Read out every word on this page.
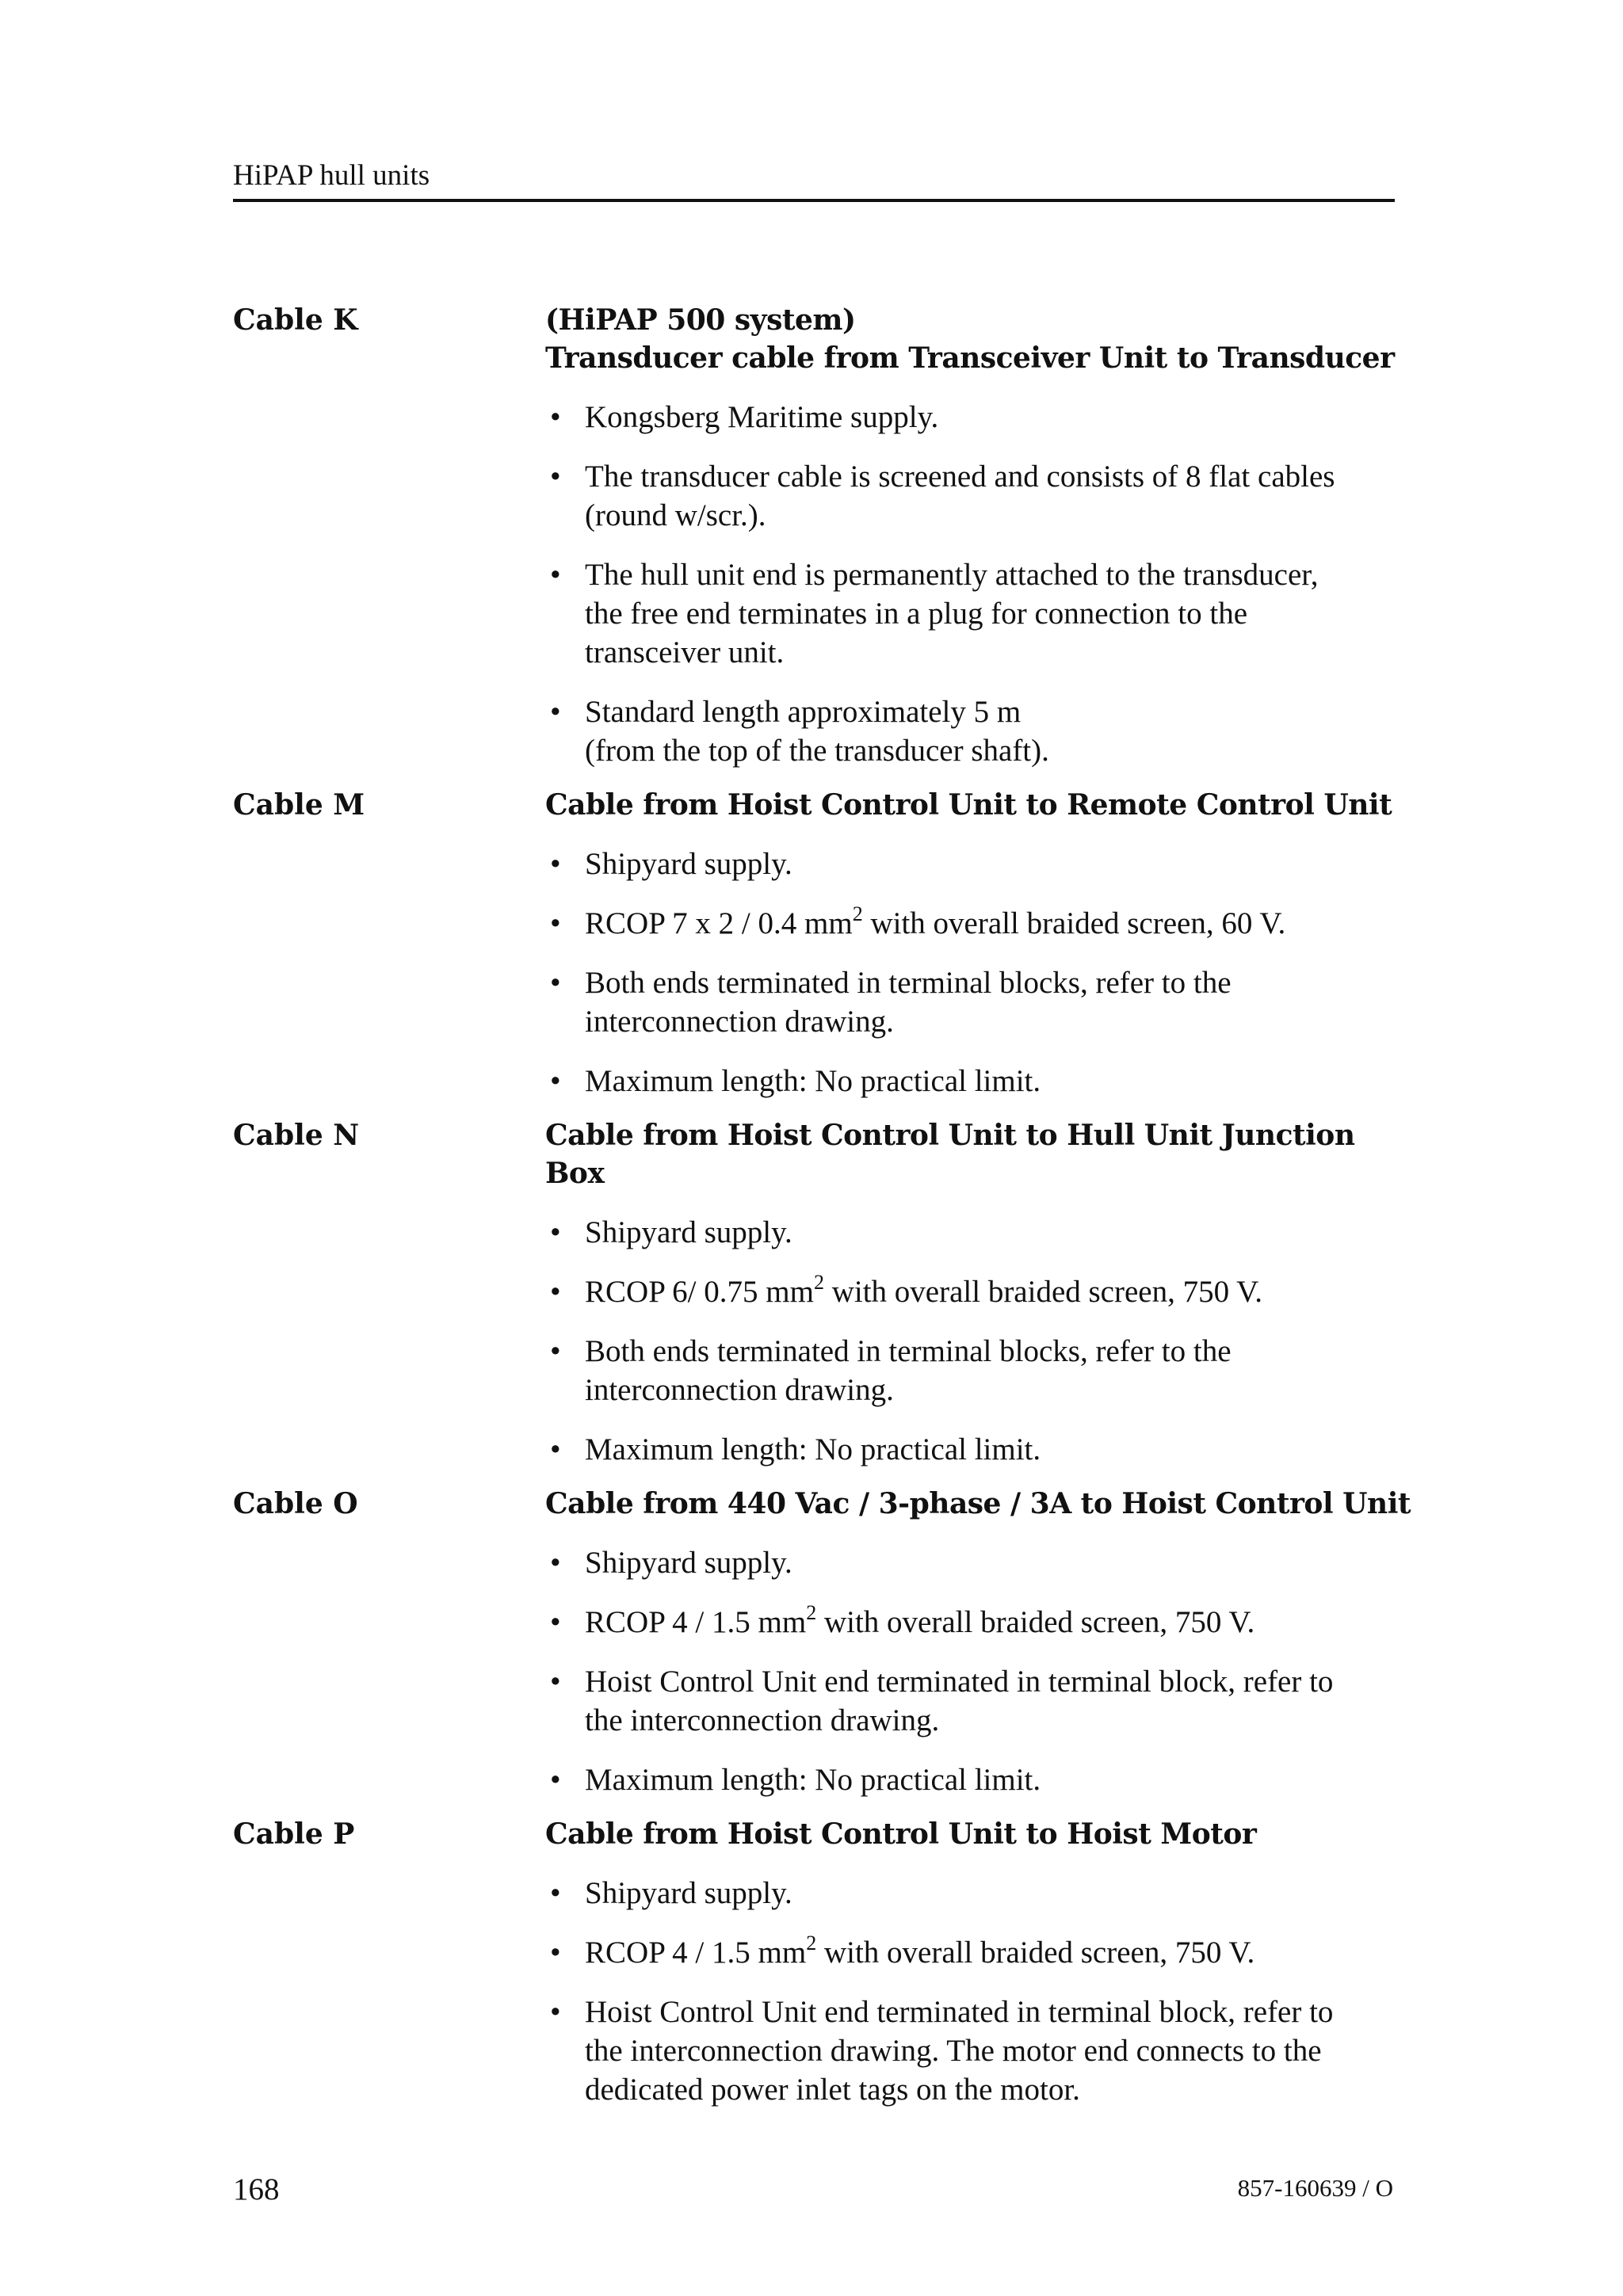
HiPAP hull units
Cable K	(HiPAP 500 system)
Transducer cable from Transceiver Unit to Transducer
• Kongsberg Maritime supply.
• The transducer cable is screened and consists of 8 flat cables
(round w/scr.).
• The hull unit end is permanently attached to the transducer,
the free end terminates in a plug for connection to the
transceiver unit.
• Standard length approximately 5 m
(from the top of the transducer shaft).
Cable M	Cable from Hoist Control Unit to Remote Control Unit
• Shipyard supply.
• RCOP 7 x 2 / 0.4 $mm^2$ with overall braided screen, 60 V.
• Both ends terminated in terminal blocks, refer to the
interconnection drawing.
• Maximum length: No practical limit.
Cable N	Cable from Hoist Control Unit to Hull Unit Junction Box
• Shipyard supply.
• RCOP 6/ 0.75 $mm^2$ with overall braided screen, 750 V.
• Both ends terminated in terminal blocks, refer to the
interconnection drawing.
• Maximum length: No practical limit.
Cable O	Cable from 440 Vac / 3-phase / 3A to Hoist Control Unit
• Shipyard supply.
• RCOP 4 / 1.5 $mm^2$ with overall braided screen, 750 V.
• Hoist Control Unit end terminated in terminal block, refer to
the interconnection drawing.
• Maximum length: No practical limit.
Cable P	Cable from Hoist Control Unit to Hoist Motor
• Shipyard supply.
• RCOP 4 / 1.5 $mm^2$ with overall braided screen, 750 V.
• Hoist Control Unit end terminated in terminal block, refer to
the interconnection drawing. The motor end connects to the
dedicated power inlet tags on the motor.
168	857-160639 / O
